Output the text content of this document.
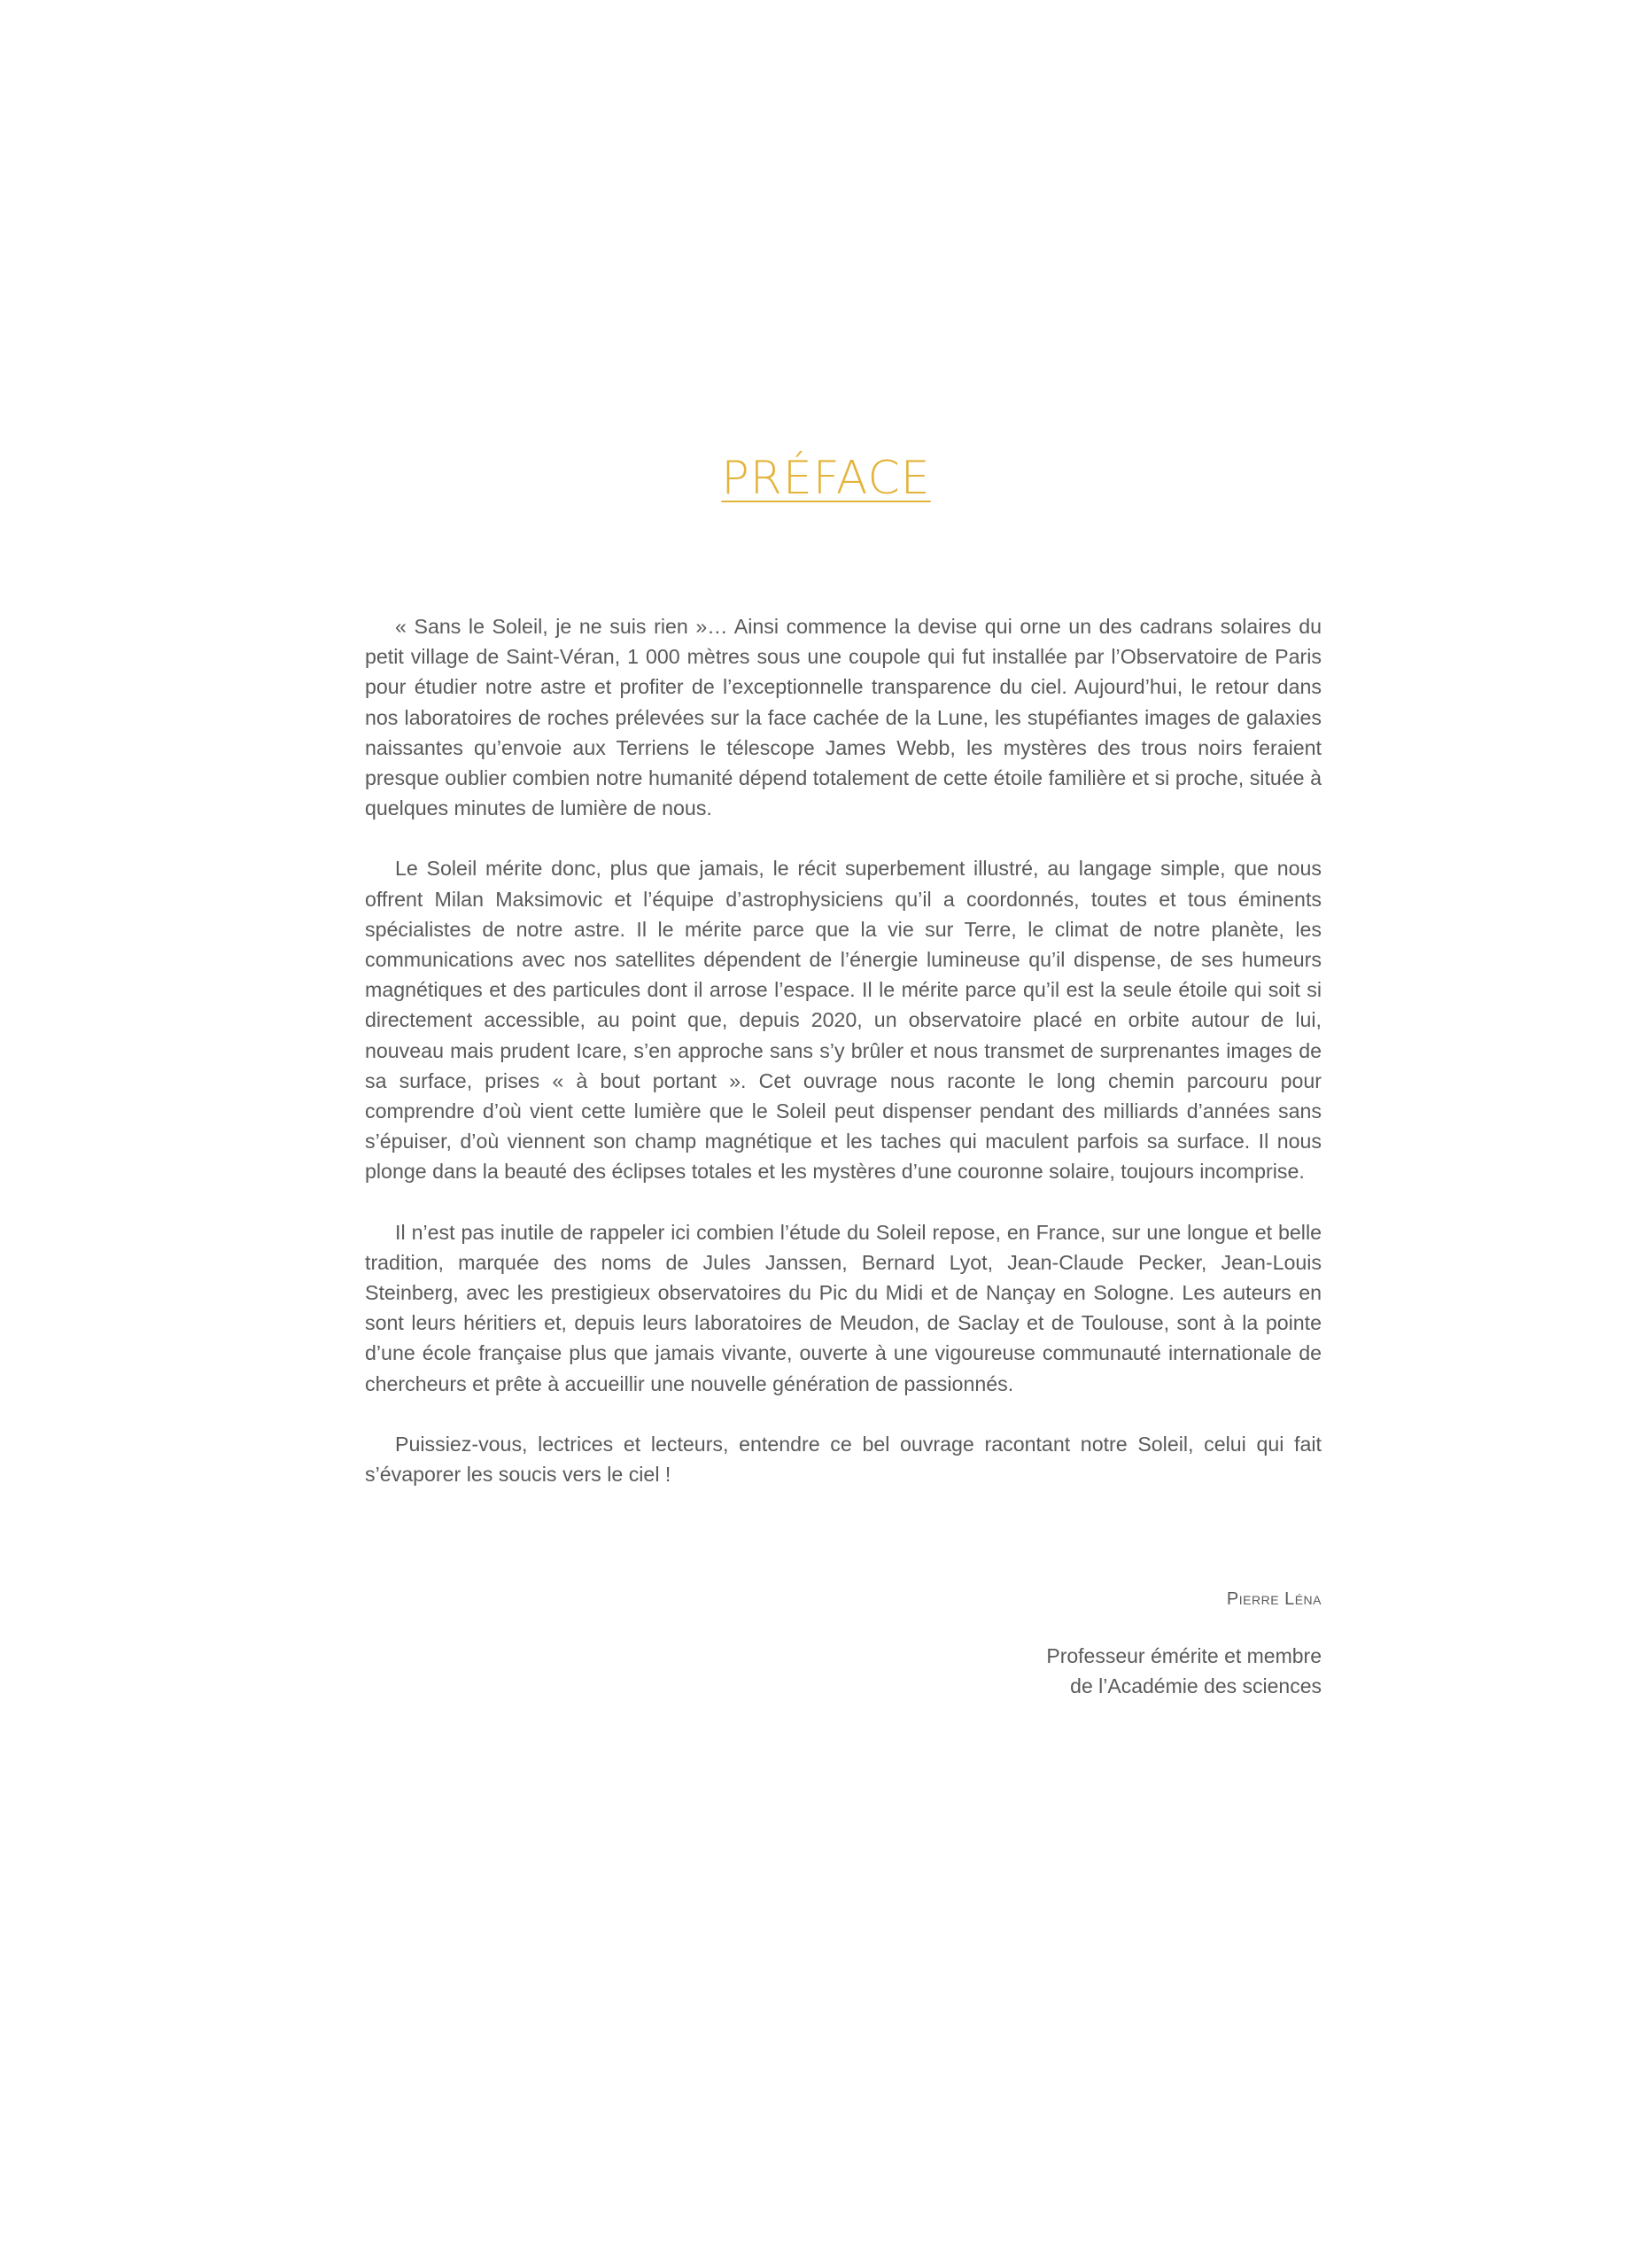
PRÉFACE

« Sans le Soleil, je ne suis rien »… Ainsi commence la devise qui orne un des cadrans solaires du petit village de Saint-Véran, 1 000 mètres sous une coupole qui fut installée par l’Observatoire de Paris pour étudier notre astre et profiter de l’exceptionnelle transparence du ciel. Aujourd’hui, le retour dans nos laboratoires de roches prélevées sur la face cachée de la Lune, les stupéfiantes images de galaxies naissantes qu’envoie aux Terriens le télescope James Webb, les mystères des trous noirs feraient presque oublier combien notre humanité dépend totalement de cette étoile familière et si proche, située à quelques minutes de lumière de nous.

Le Soleil mérite donc, plus que jamais, le récit superbement illustré, au langage simple, que nous offrent Milan Maksimovic et l’équipe d’astrophysiciens qu’il a coordonnés, toutes et tous éminents spécialistes de notre astre. Il le mérite parce que la vie sur Terre, le climat de notre planète, les communications avec nos satellites dépendent de l’énergie lumineuse qu’il dispense, de ses humeurs magnétiques et des particules dont il arrose l’espace. Il le mérite parce qu’il est la seule étoile qui soit si directement accessible, au point que, depuis 2020, un observatoire placé en orbite autour de lui, nouveau mais prudent Icare, s’en approche sans s’y brûler et nous transmet de surprenantes images de sa surface, prises « à bout portant ». Cet ouvrage nous raconte le long chemin parcouru pour comprendre d’où vient cette lumière que le Soleil peut dispenser pendant des milliards d’années sans s’épuiser, d’où viennent son champ magnétique et les taches qui maculent parfois sa surface. Il nous plonge dans la beauté des éclipses totales et les mystères d’une couronne solaire, toujours incomprise.

Il n’est pas inutile de rappeler ici combien l’étude du Soleil repose, en France, sur une longue et belle tradition, marquée des noms de Jules Janssen, Bernard Lyot, Jean-Claude Pecker, Jean-Louis Steinberg, avec les prestigieux observatoires du Pic du Midi et de Nançay en Sologne. Les auteurs en sont leurs héritiers et, depuis leurs laboratoires de Meudon, de Saclay et de Toulouse, sont à la pointe d’une école française plus que jamais vivante, ouverte à une vigoureuse communauté internationale de chercheurs et prête à accueillir une nouvelle génération de passionnés.

Puissiez-vous, lectrices et lecteurs, entendre ce bel ouvrage racontant notre Soleil, celui qui fait s’évaporer les soucis vers le ciel !

Pierre Léna
Professeur émérite et membre
de l’Académie des sciences
